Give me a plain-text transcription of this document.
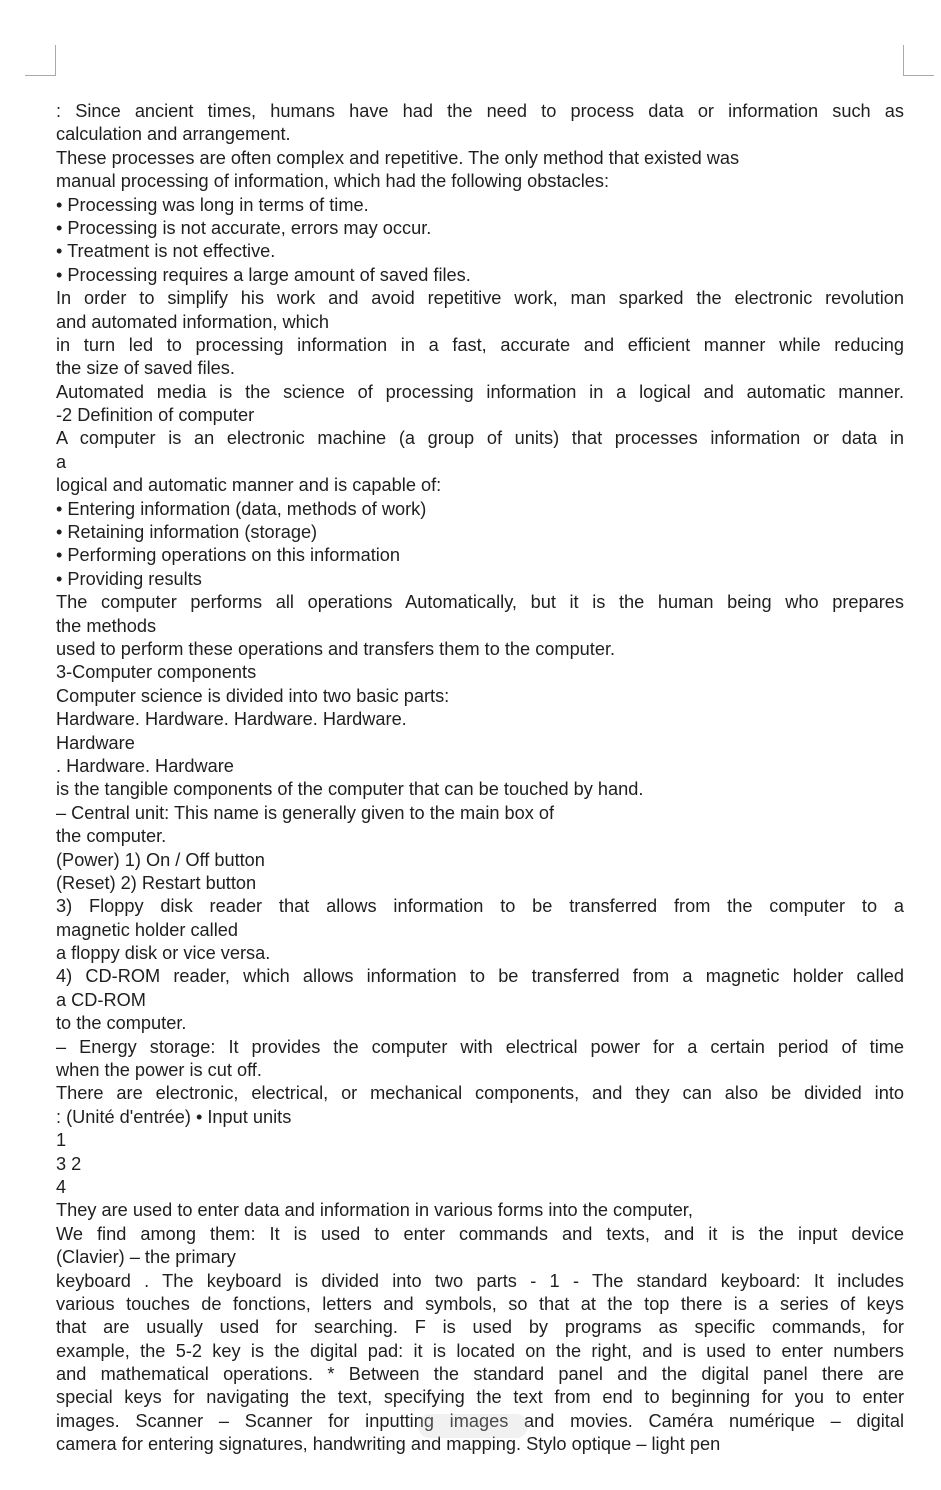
: Since ancient times, humans have had the need to process data or information such as
calculation and arrangement.
These processes are often complex and repetitive. The only method that existed was
manual processing of information, which had the following obstacles:
• Processing was long in terms of time.
• Processing is not accurate, errors may occur.
• Treatment is not effective.
• Processing requires a large amount of saved files.
In order to simplify his work and avoid repetitive work, man sparked the electronic revolution
and automated information, which
in turn led to processing information in a fast, accurate and efficient manner while reducing
the size of saved files.
Automated media is the science of processing information in a logical and automatic manner.
-2 Definition of computer
A computer is an electronic machine (a group of units) that processes information or data in
a
logical and automatic manner and is capable of:
• Entering information (data, methods of work)
• Retaining information (storage)
• Performing operations on this information
• Providing results
The computer performs all operations Automatically, but it is the human being who prepares
the methods
used to perform these operations and transfers them to the computer.
3-Computer components
Computer science is divided into two basic parts:
Hardware. Hardware. Hardware. Hardware.
Hardware
. Hardware. Hardware
is the tangible components of the computer that can be touched by hand.
– Central unit: This name is generally given to the main box of
the computer.
(Power) 1) On / Off button
(Reset) 2) Restart button
3) Floppy disk reader that allows information to be transferred from the computer to a
magnetic holder called
a floppy disk or vice versa.
4) CD-ROM reader, which allows information to be transferred from a magnetic holder called
a CD-ROM
to the computer.
– Energy storage: It provides the computer with electrical power for a certain period of time
when the power is cut off.
There are electronic, electrical, or mechanical components, and they can also be divided into
: (Unité d'entrée) • Input units
1
3 2
4
They are used to enter data and information in various forms into the computer,
We find among them: It is used to enter commands and texts, and it is the input device
(Clavier) – the primary
keyboard . The keyboard is divided into two parts - 1 - The standard keyboard: It includes
various touches de fonctions, letters and symbols, so that at the top there is a series of keys
that are usually used for searching. F is used by programs as specific commands, for
example, the 5-2 key is the digital pad: it is located on the right, and is used to enter numbers
and mathematical operations. * Between the standard panel and the digital panel there are
special keys for navigating the text, specifying the text from end to beginning for you to enter
images. Scanner – Scanner for inputting images and movies. Caméra numérique – digital
camera for entering signatures, handwriting and mapping. Stylo optique – light pen
